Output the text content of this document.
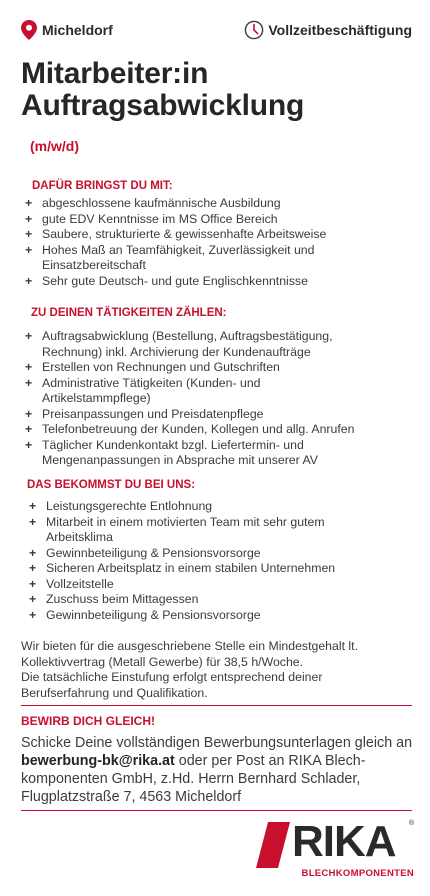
Micheldorf	Vollzeitbeschäftigung
Mitarbeiter:in
Auftragsabwicklung
(m/w/d)
DAFÜR BRINGST DU MIT:
+ abgeschlossene kaufmännische Ausbildung
+ gute EDV Kenntnisse im MS Office Bereich
+ Saubere, strukturierte & gewissenhafte Arbeitsweise
+ Hohes Maß an Teamfähigkeit, Zuverlässigkeit und Einsatzbereitschaft
+ Sehr gute Deutsch- und gute Englischkenntnisse
ZU DEINEN TÄTIGKEITEN ZÄHLEN:
+ Auftragsabwicklung (Bestellung, Auftragsbestätigung, Rechnung) inkl. Archivierung der Kundenaufträge
+ Erstellen von Rechnungen und Gutschriften
+ Administrative Tätigkeiten (Kunden- und Artikelstammpflege)
+ Preisanpassungen und Preisdatenpflege
+ Telefonbetreuung der Kunden, Kollegen und allg. Anrufen
+ Täglicher Kundenkontakt bzgl. Liefertermin- und Mengenanpassungen in Absprache mit unserer AV
DAS BEKOMMST DU BEI UNS:
+ Leistungsgerechte Entlohnung
+ Mitarbeit in einem motivierten Team mit sehr gutem Arbeitsklima
+ Gewinnbeteiligung & Pensionsvorsorge
+ Sicheren Arbeitsplatz in einem stabilen Unternehmen
+ Vollzeitstelle
+ Zuschuss beim Mittagessen
+ Gewinnbeteiligung & Pensionsvorsorge
Wir bieten für die ausgeschriebene Stelle ein Mindestgehalt lt.
Kollektivvertrag (Metall Gewerbe) für 38,5 h/Woche.
Die tatsächliche Einstufung erfolgt entsprechend deiner
Berufserfahrung und Qualifikation.
BEWIRB DICH GLEICH!
Schicke Deine vollständigen Bewerbungsunterlagen gleich an bewerbung-bk@rika.at oder per Post an RIKA Blech-komponenten GmbH, z.Hd. Herrn Bernhard Schlader, Flugplatzstraße 7, 4563 Micheldorf
RIKA ®
BLECHKOMPONENTEN
